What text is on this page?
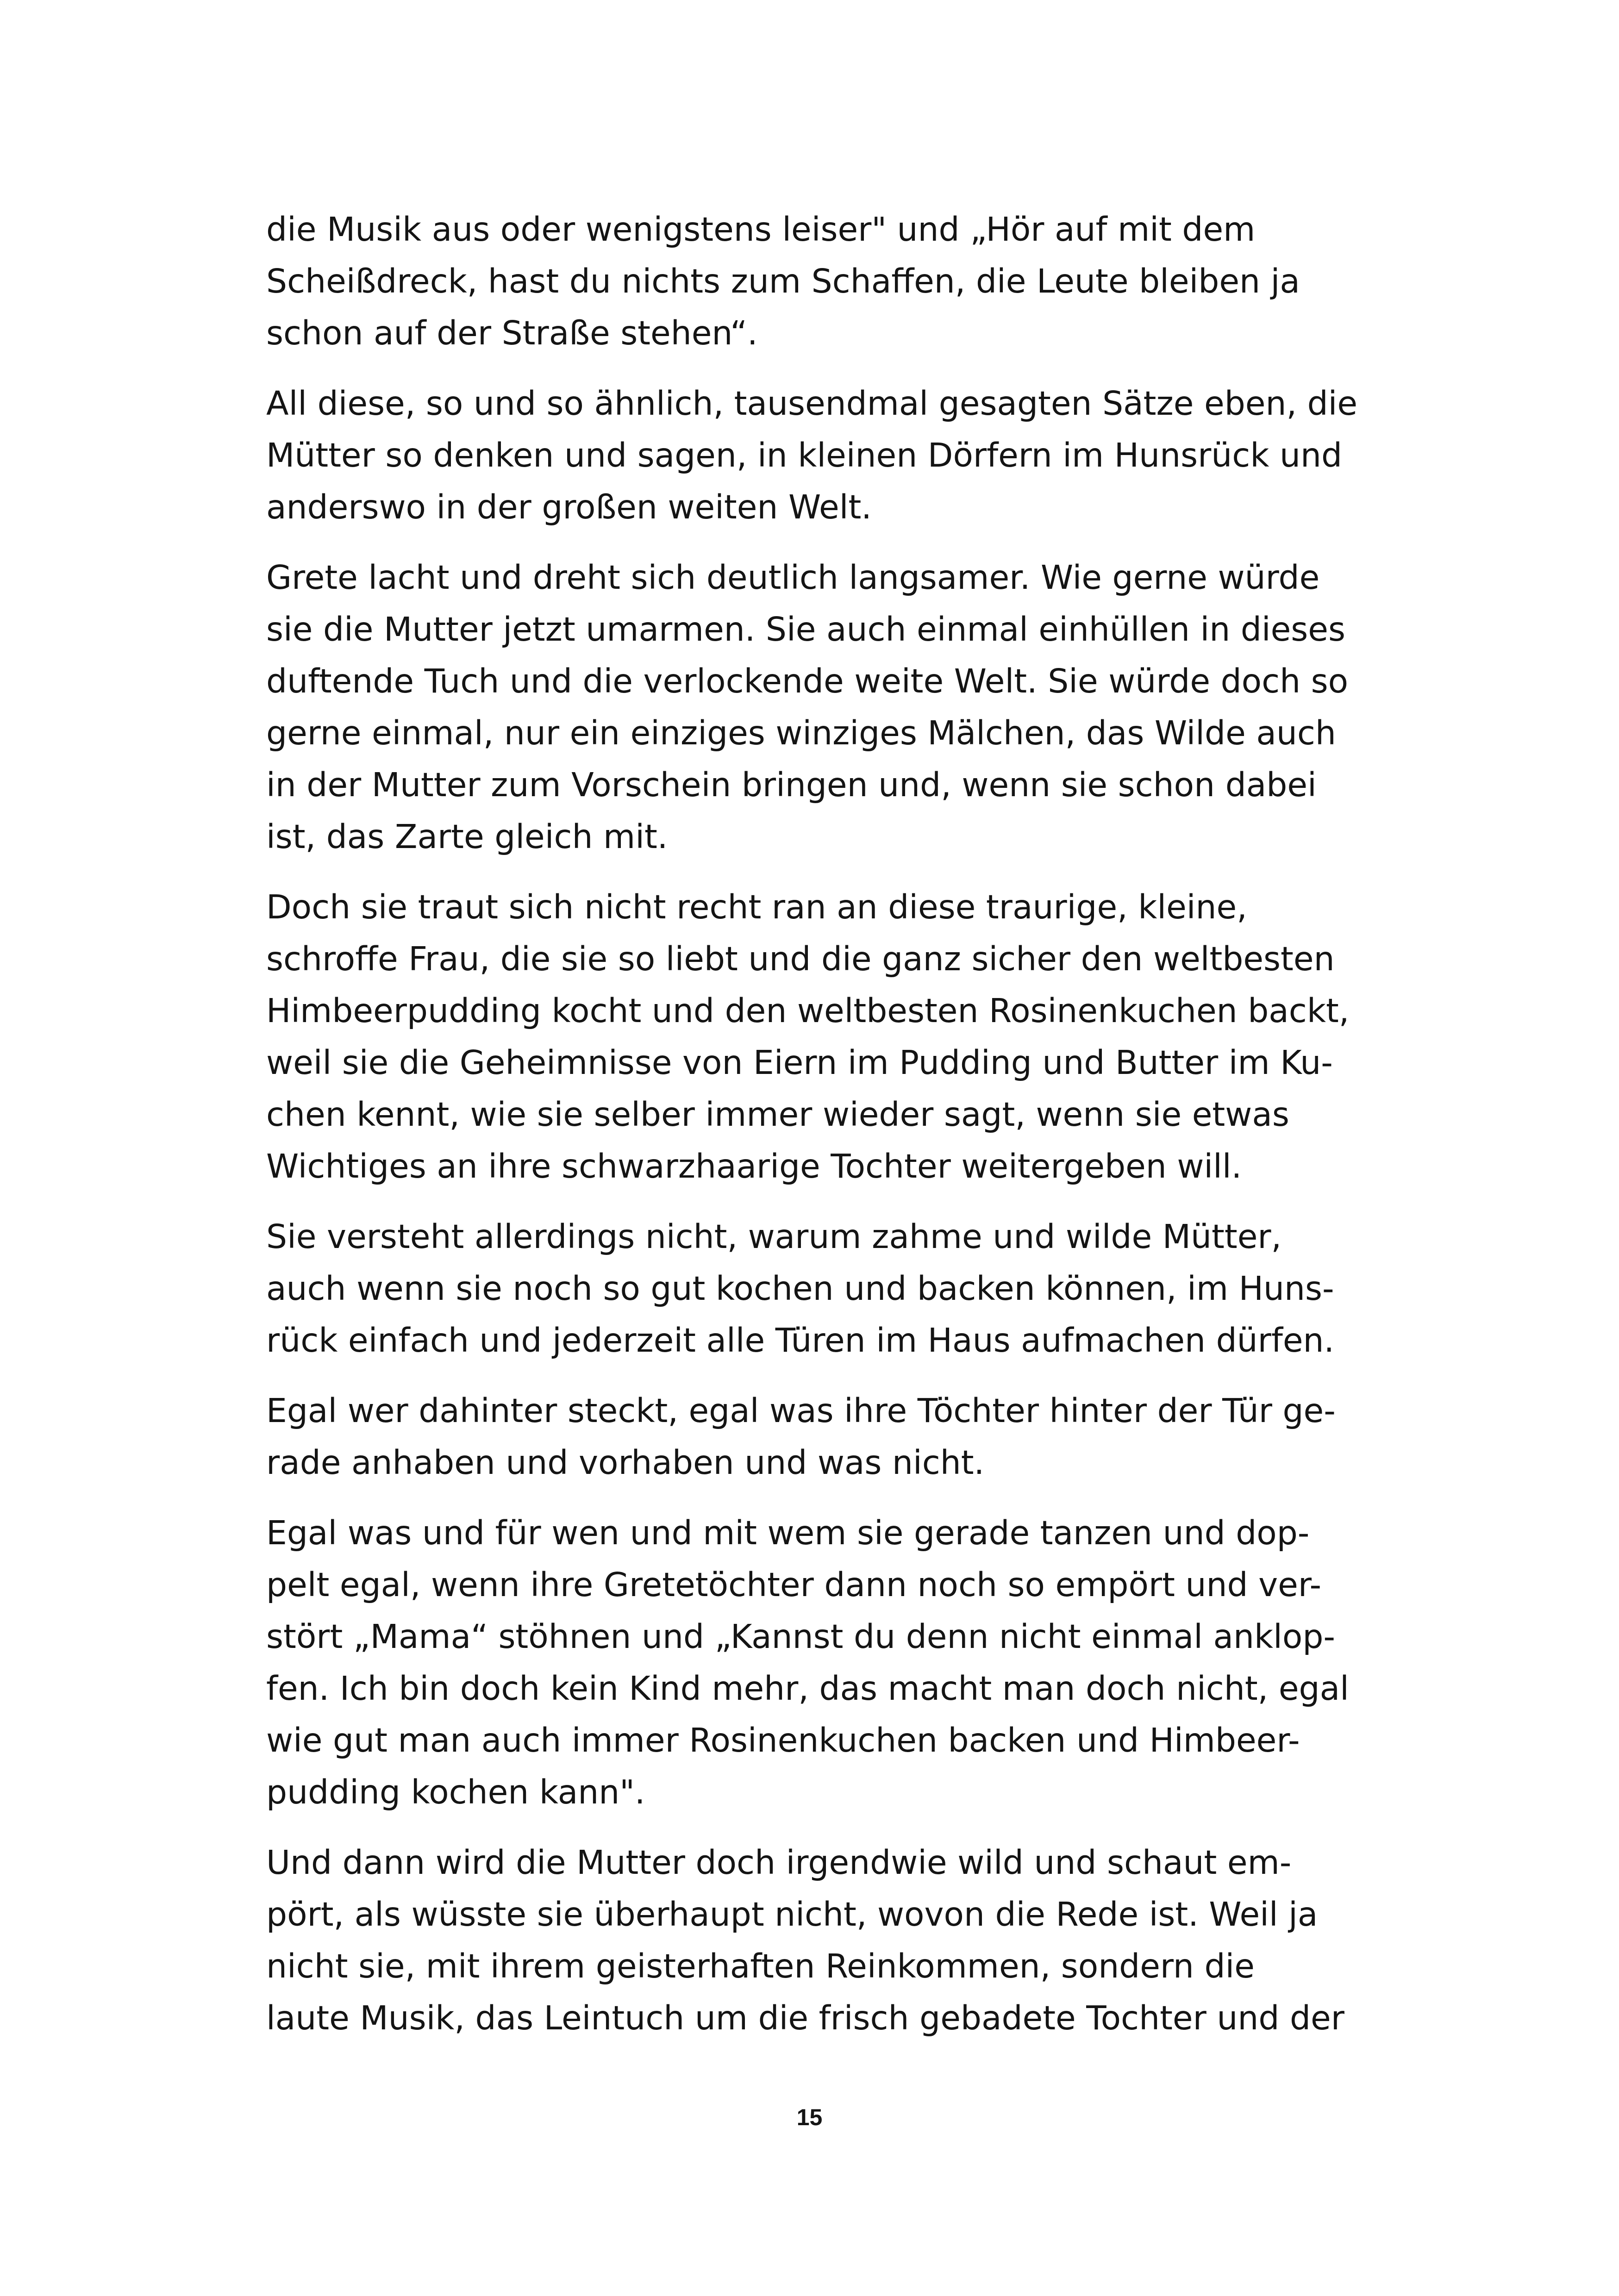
die Musik aus oder wenigstens leiser" und „Hör auf mit dem
Scheißdreck, hast du nichts zum Schaffen, die Leute bleiben ja
schon auf der Straße stehen“.

All diese, so und so ähnlich, tausendmal gesagten Sätze eben, die
Mütter so denken und sagen, in kleinen Dörfern im Hunsrück und
anderswo in der großen weiten Welt.

Grete lacht und dreht sich deutlich langsamer. Wie gerne würde
sie die Mutter jetzt umarmen. Sie auch einmal einhüllen in dieses
duftende Tuch und die verlockende weite Welt. Sie würde doch so
gerne einmal, nur ein einziges winziges Mälchen, das Wilde auch
in der Mutter zum Vorschein bringen und, wenn sie schon dabei
ist, das Zarte gleich mit.

Doch sie traut sich nicht recht ran an diese traurige, kleine,
schroffe Frau, die sie so liebt und die ganz sicher den weltbesten
Himbeerpudding kocht und den weltbesten Rosinenkuchen backt,
weil sie die Geheimnisse von Eiern im Pudding und Butter im Ku-
chen kennt, wie sie selber immer wieder sagt, wenn sie etwas
Wichtiges an ihre schwarzhaarige Tochter weitergeben will.

Sie versteht allerdings nicht, warum zahme und wilde Mütter,
auch wenn sie noch so gut kochen und backen können, im Huns-
rück einfach und jederzeit alle Türen im Haus aufmachen dürfen.

Egal wer dahinter steckt, egal was ihre Töchter hinter der Tür ge-
rade anhaben und vorhaben und was nicht.

Egal was und für wen und mit wem sie gerade tanzen und dop-
pelt egal, wenn ihre Gretetöchter dann noch so empört und ver-
stört „Mama“ stöhnen und „Kannst du denn nicht einmal anklop-
fen. Ich bin doch kein Kind mehr, das macht man doch nicht, egal
wie gut man auch immer Rosinenkuchen backen und Himbeer-
pudding kochen kann".

Und dann wird die Mutter doch irgendwie wild und schaut em-
pört, als wüsste sie überhaupt nicht, wovon die Rede ist. Weil ja
nicht sie, mit ihrem geisterhaften Reinkommen, sondern die
laute Musik, das Leintuch um die frisch gebadete Tochter und der

15
